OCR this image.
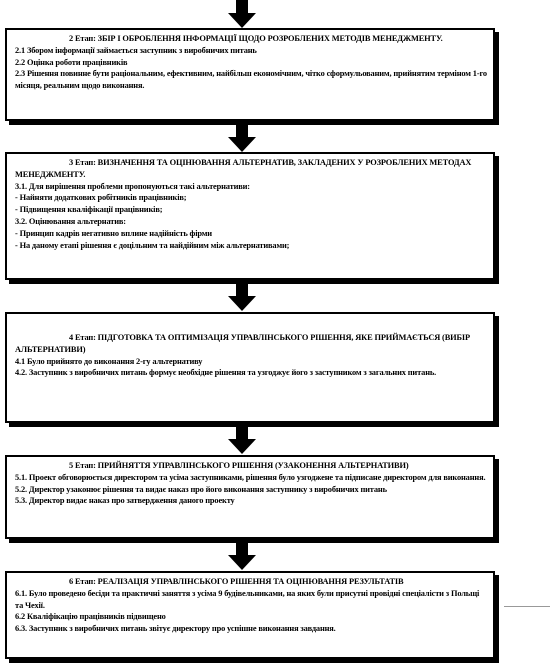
2 Етап: ЗБІР І ОБРОБЛЕННЯ ІНФОРМАЦІЇ ЩОДО РОЗРОБЛЕНИХ МЕТОДІВ МЕНЕДЖМЕНТУ.
2.1 Збором інформації займається заступник з виробничих питань
2.2 Оцінка роботи працівників
2.3 Рішення повинне бути раціональним, ефективним, найбільш економічним, чітко сформульованим, прийнятим терміном 1-го місяця, реальним щодо виконання.
3 Етап: ВИЗНАЧЕННЯ ТА ОЦІНЮВАННЯ АЛЬТЕРНАТИВ, ЗАКЛАДЕНИХ У РОЗРОБЛЕНИХ МЕТОДАХ МЕНЕДЖМЕНТУ.
3.1. Для вирішення проблеми пропонуються такі альтернативи:
- Найняти додаткових робітників працівників;
- Підвищення кваліфікації працівників;
3.2. Оцінювання альтернатив:
- Принцип кадрів негативно вплине надійність фірми
- На даному етапі рішення є доцільним та найдійним між альтернативами;
4 Етап: ПІДГОТОВКА ТА ОПТИМІЗАЦІЯ УПРАВЛІНСЬКОГО РІШЕННЯ, ЯКЕ ПРИЙМАЄТЬСЯ (ВИБІР АЛЬТЕРНАТИВИ)
4.1 Було прийнято до виконання 2-гу альтернативу
4.2. Заступник з виробничих питань формує необхідне рішення та узгоджує його з заступником з загальних питань.
5 Етап: ПРИЙНЯТТЯ УПРАВЛІНСЬКОГО РІШЕННЯ (УЗАКОНЕННЯ АЛЬТЕРНАТИВИ)
5.1. Проект обговорюється директором та усіма заступниками, рішення було узгоджене та підписане директором для виконання.
5.2. Директор узаконює рішення та видає наказ про його виконання заступнику з виробничих питань
5.3. Директор видає наказ про затвердження даного проекту
6 Етап: РЕАЛІЗАЦІЯ УПРАВЛІНСЬКОГО РІШЕННЯ ТА ОЦІНЮВАННЯ РЕЗУЛЬТАТІВ
6.1. Було проведено бесіди та практичні заняття з усіма 9 будівельниками, на яких були присутні провідні спеціалісти з Польщі та Чехії.
6.2 Кваліфікацію працівників підвищено
6.3. Заступник з виробничих питань звітує директору про успішне виконання завдання.
